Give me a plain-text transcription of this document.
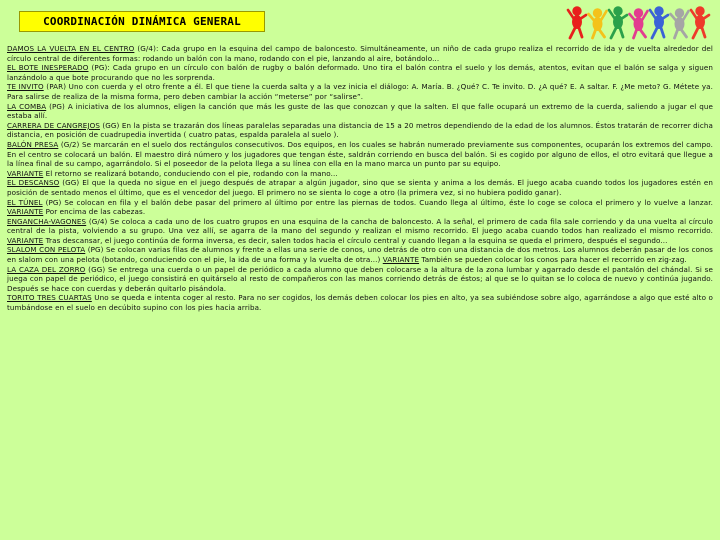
COORDINACIÓN DINÁMICA GENERAL

DAMOS LA VUELTA EN EL CENTRO (G/4): Cada grupo en la esquina del campo de baloncesto. Simultáneamente, un niño de cada grupo realiza el recorrido de ida y de vuelta alrededor del círculo central de diferentes formas: rodando un balón con la mano, rodando con el pie, lanzando al aire, botándolo...

EL BOTE INESPERADO (PG): Cada grupo en un círculo con balón de rugby o balón deformado. Uno tira el balón contra el suelo y los demás, atentos, evitan que el balón se salga y siguen lanzándolo a que bote procurando que no les sorprenda.

TE INVITO (PAR) Uno con cuerda y el otro frente a él. El que tiene la cuerda salta y a la vez inicia el diálogo: A. María. B. ¿Qué? C. Te invito. D. ¿A qué? E. A saltar. F. ¿Me meto? G. Métete ya. Para salirse de realiza de la misma forma, pero deben cambiar la acción “meterse” por “salirse”.

LA COMBA (PG) A iniciativa de los alumnos, eligen la canción que más les guste de las que conozcan y que la salten. El que falle ocupará un extremo de la cuerda, saliendo a jugar el que estaba allí.

CARRERA DE CANGREJOS (GG) En la pista se trazarán dos líneas paralelas separadas una distancia de 15 a 20 metros dependiendo de la edad de los alumnos. Éstos tratarán de recorrer dicha distancia, en posición de cuadrupedia invertida ( cuatro patas, espalda paralela al suelo ).

BALÓN PRESA (G/2) Se marcarán en el suelo dos rectángulos consecutivos. Dos equipos, en los cuales se habrán numerado previamente sus componentes, ocuparán los extremos del campo. En el centro se colocará un balón. El maestro dirá número y los jugadores que tengan éste, saldrán corriendo en busca del balón. Si es cogido por alguno de ellos, el otro evitará que llegue a la línea final de su campo, agarrándolo. Si el poseedor de la pelota llega a su línea con ella en la mano marca un punto par su equipo.

VARIANTE El retorno se realizará botando, conduciendo con el pie, rodando con la mano...

EL DESCANSO (GG) El que la queda no sigue en el juego después de atrapar a algún jugador, sino que se sienta y anima a los demás. El juego acaba cuando todos los jugadores estén en posición de sentado menos el último, que es el vencedor del juego. El primero no se sienta lo coge a otro (la primera vez, si no hubiera podido ganar).

EL TÚNEL (PG) Se colocan en fila y el balón debe pasar del primero al último por entre las piernas de todos. Cuando llega al último, éste lo coge se coloca el primero y lo vuelve a lanzar. VARIANTE Por encima de las cabezas.

ENGANCHA-VAGONES (G/4) Se coloca a cada uno de los cuatro grupos en una esquina de la cancha de baloncesto. A la señal, el primero de cada fila sale corriendo y da una vuelta al círculo central de la pista, volviendo a su grupo. Una vez allí, se agarra de la mano del segundo y realizan el mismo recorrido. El juego acaba cuando todos han realizado el mismo recorrido. VARIANTE Tras descansar, el juego continúa de forma inversa, es decir, salen todos hacia el círculo central y cuando llegan a la esquina se queda el primero, después el segundo...

SLALOM CON PELOTA (PG) Se colocan varias filas de alumnos y frente a ellas una serie de conos, uno detrás de otro con una distancia de dos metros. Los alumnos deberán pasar de los conos en slalom con una pelota (botando, conduciendo con el pie, la ida de una forma y la vuelta de otra...) VARIANTE También se pueden colocar los conos para hacer el recorrido en zig-zag.

LA CAZA DEL ZORRO (GG) Se entrega una cuerda o un papel de periódico a cada alumno que deben colocarse a la altura de la zona lumbar y agarrado desde el pantalón del chándal. Si se juega con papel de periódico, el juego consistirá en quitárselo al resto de compañeros con las manos corriendo detrás de éstos; al que se lo quitan se lo coloca de nuevo y continúa jugando. Después se hace con cuerdas y deberán quitarlo pisándola.

TORITO TRES CUARTAS Uno se queda e intenta coger al resto. Para no ser cogidos, los demás deben colocar los pies en alto, ya sea subiéndose sobre algo, agarrándose a algo que esté alto o tumbándose en el suelo en decúbito supino con los pies hacia arriba.
